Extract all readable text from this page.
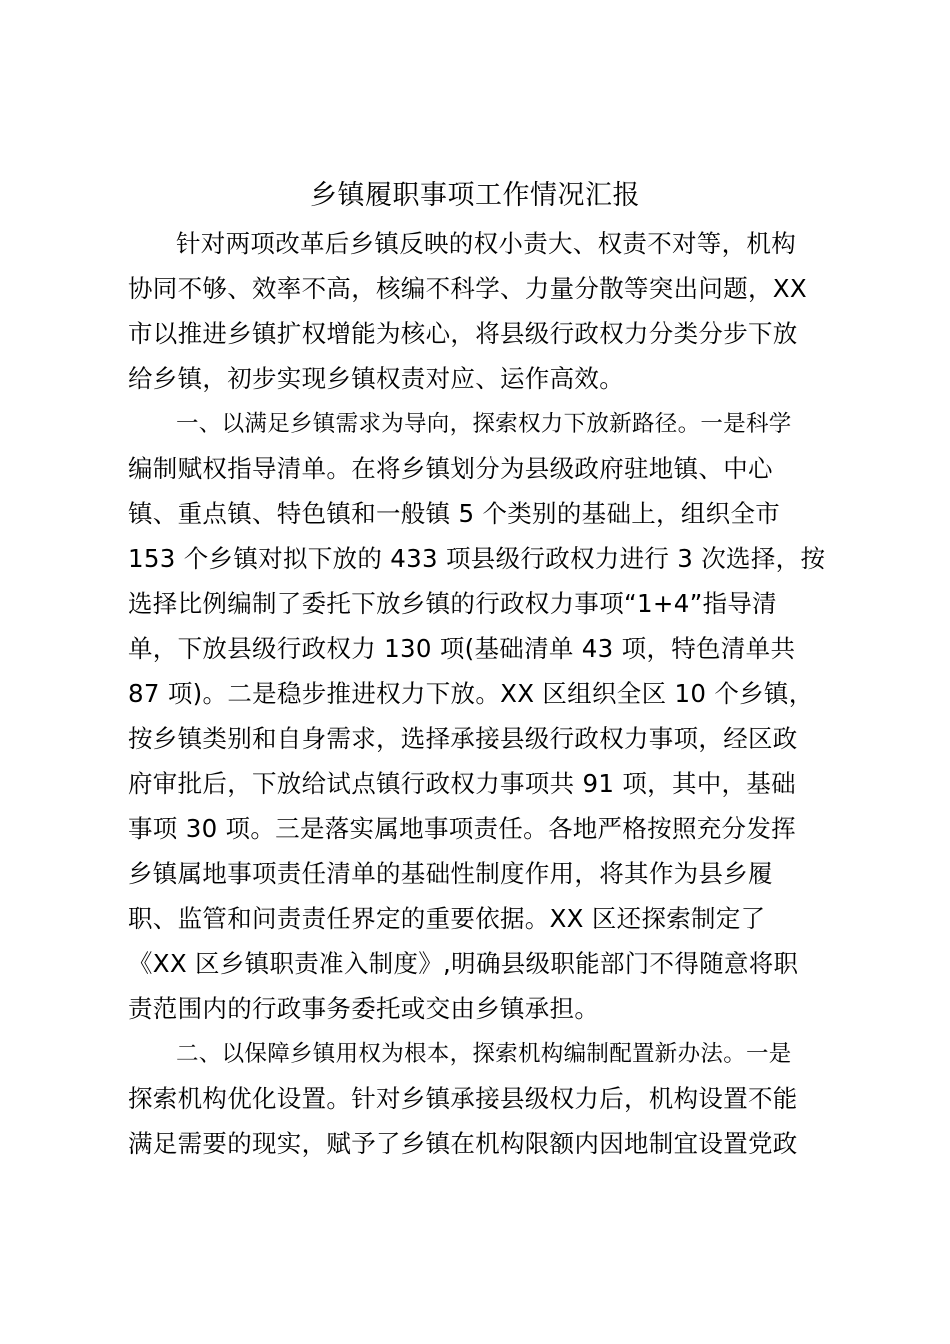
乡镇履职事项工作情况汇报
针对两项改革后乡镇反映的权小责大、权责不对等，机构
协同不够、效率不高，核编不科学、力量分散等突出问题，XX
市以推进乡镇扩权增能为核心，将县级行政权力分类分步下放
给乡镇，初步实现乡镇权责对应、运作高效。
一、以满足乡镇需求为导向，探索权力下放新路径。一是科学
编制赋权指导清单。在将乡镇划分为县级政府驻地镇、中心
镇、重点镇、特色镇和一般镇 5 个类别的基础上，组织全市
153 个乡镇对拟下放的 433 项县级行政权力进行 3 次选择，按
选择比例编制了委托下放乡镇的行政权力事项“1+4”指导清
单，下放县级行政权力 130 项(基础清单 43 项，特色清单共
87 项)。二是稳步推进权力下放。XX 区组织全区 10 个乡镇，
按乡镇类别和自身需求，选择承接县级行政权力事项，经区政
府审批后，下放给试点镇行政权力事项共 91 项，其中，基础
事项 30 项。三是落实属地事项责任。各地严格按照充分发挥
乡镇属地事项责任清单的基础性制度作用，将其作为县乡履
职、监管和问责责任界定的重要依据。XX 区还探索制定了
《XX 区乡镇职责准入制度》,明确县级职能部门不得随意将职
责范围内的行政事务委托或交由乡镇承担。
二、以保障乡镇用权为根本，探索机构编制配置新办法。一是
探索机构优化设置。针对乡镇承接县级权力后，机构设置不能
满足需要的现实，赋予了乡镇在机构限额内因地制宜设置党政
